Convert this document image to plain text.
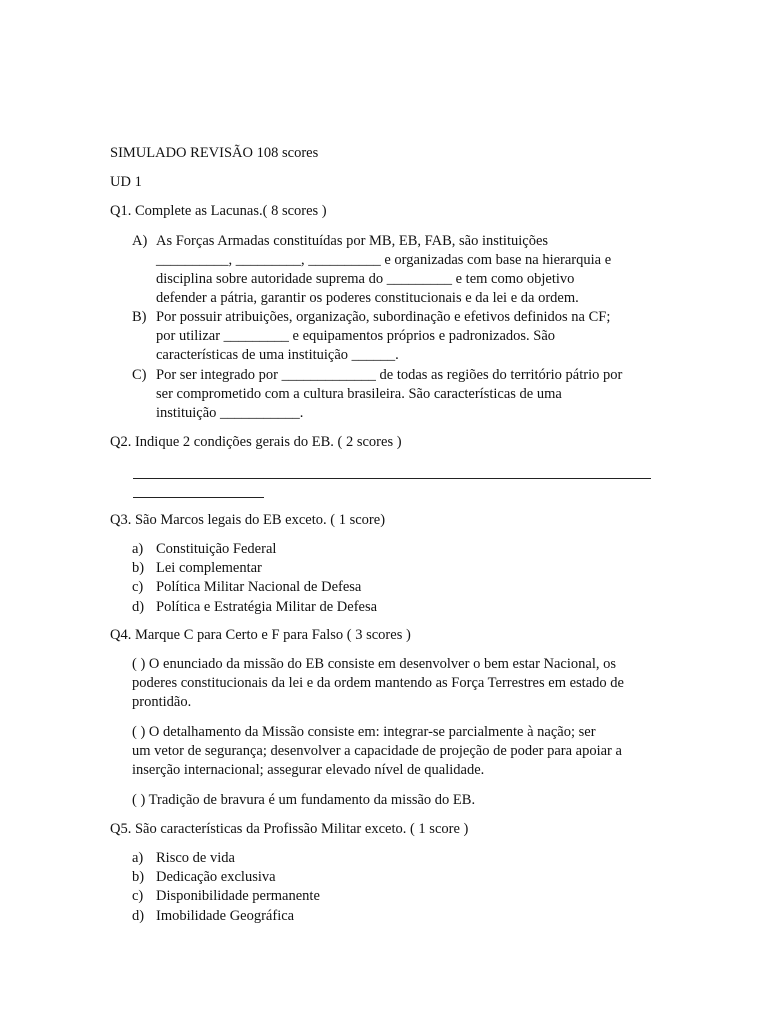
SIMULADO REVISÃO 108 scores
UD 1
Q1. Complete as Lacunas.( 8 scores )
A) As Forças Armadas constituídas por MB, EB, FAB, são instituições
__________, _________, __________ e organizadas com base na hierarquia e
disciplina sobre autoridade suprema do _________ e tem como objetivo
defender a pátria, garantir os poderes constitucionais e da lei e da ordem.
B) Por possuir atribuições, organização, subordinação e efetivos definidos na CF;
por utilizar _________ e equipamentos próprios e padronizados. São
características de uma instituição ______.
C) Por ser integrado por _____________ de todas as regiões do território pátrio por
ser comprometido com a cultura brasileira. São características de uma
instituição ___________.
Q2. Indique 2 condições gerais do EB. ( 2 scores )
Q3. São Marcos legais do EB exceto. ( 1 score)
a) Constituição Federal
b) Lei complementar
c) Política Militar Nacional de Defesa
d) Política e Estratégia Militar de Defesa
Q4. Marque C para Certo e F para Falso ( 3 scores )
( ) O enunciado da missão do EB consiste em desenvolver o bem estar Nacional, os
poderes constitucionais da lei e da ordem mantendo as Força Terrestres em estado de
prontidão.
( ) O detalhamento da Missão consiste em: integrar-se parcialmente à nação; ser
um vetor de segurança; desenvolver a capacidade de projeção de poder para apoiar a
inserção internacional; assegurar elevado nível de qualidade.
( ) Tradição de bravura é um fundamento da missão do EB.
Q5. São características da Profissão Militar exceto. ( 1 score )
a) Risco de vida
b) Dedicação exclusiva
c) Disponibilidade permanente
d) Imobilidade Geográfica
